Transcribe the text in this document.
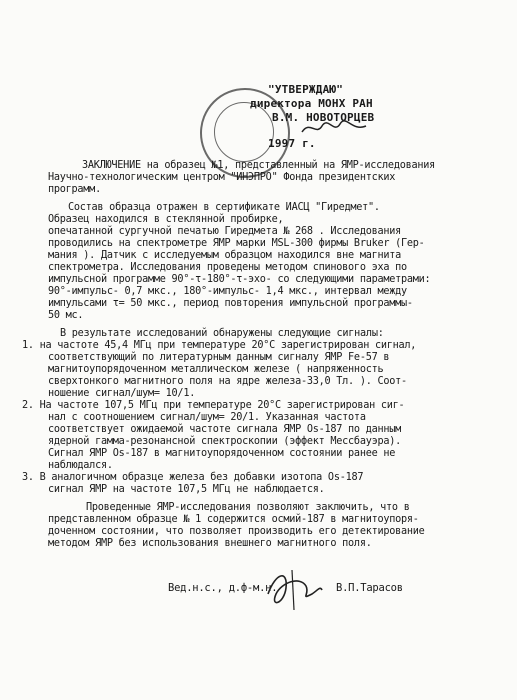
"УТВЕРЖДАЮ"
директора МОНХ РАН
В.М. НОВОТОРЦЕВ
1997 г.
ЗАКЛЮЧЕНИЕ на образец №1, представленный на ЯМР-исследования
Научно-технологическим центром "ИНЭПРО" Фонда президентских
программ.
Состав образца отражен в сертификате ИАСЦ "Гиредмет".
Образец находился в стеклянной пробирке,
опечатанной сургучной печатью Гиредмета № 268 . Исследования
проводились на спектрометре ЯМР марки MSL-300 фирмы Bruker (Гер-
мания ). Датчик с исследуемым образцом находился вне магнита
спектрометра. Исследования проведены методом спинового эха по
импульсной программе 90°-τ-180°-τ-эхо- со следующими параметрами:
90°-импульс- 0,7 мкс., 180°-импульс- 1,4 мкс., интервал между
импульсами τ= 50 мкс., период повторения импульсной программы-
50 мс.
В результате исследований обнаружены следующие сигналы:
1. на частоте 45,4 МГц при температуре 20°С зарегистрирован сигнал,
соответствующий по литературным данным сигналу ЯМР Fe-57 в
магнитоупорядоченном металлическом железе ( напряженность
сверхтонкого магнитного поля на ядре железа-33,0 Тл. ). Соот-
ношение сигнал/шум= 10/1.
2. На частоте 107,5 МГц при температуре 20°С зарегистрирован сиг-
нал с соотношением сигнал/шум= 20/1. Указанная частота
соответствует ожидаемой частоте сигнала ЯМР Os-187 по данным
ядерной гамма-резонансной спектроскопии (эффект Мессбауэра).
Сигнал ЯМР Os-187 в магнитоупорядоченном состоянии ранее не
наблюдался.
3. В аналогичном образце железа без добавки изотопа Os-187
сигнал ЯМР на частоте 107,5 МГц не наблюдается.
Проведенные ЯМР-исследования позволяют заключить, что в
представленном образце № 1 содержится осмий-187 в магнитоупоря-
доченном состоянии, что позволяет производить его детектирование
методом ЯМР без использования внешнего магнитного поля.
Вед.н.с., д.ф-м.н.	В.П.Тарасов
